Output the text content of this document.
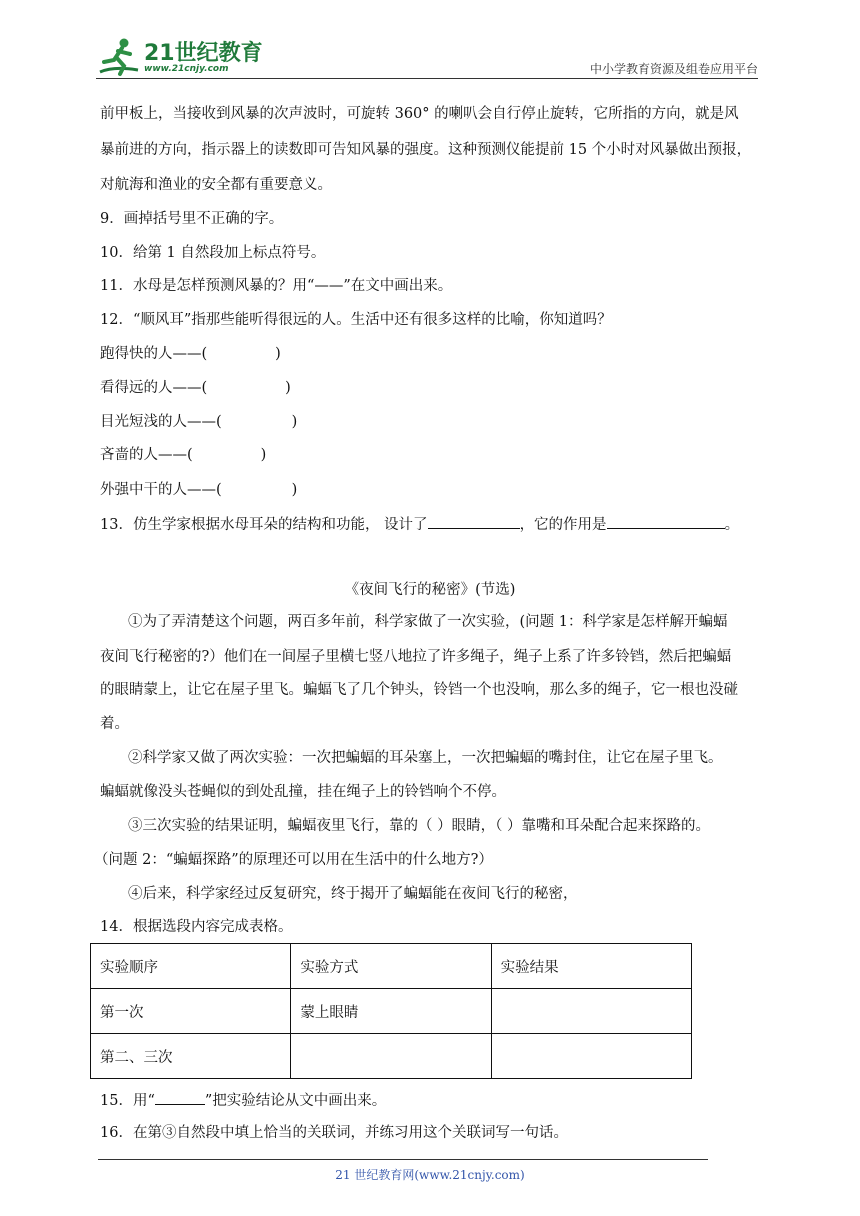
21世纪教育
www.21cnjy.com	中小学教育资源及组卷应用平台
前甲板上，当接收到风暴的次声波时，可旋转 360° 的喇叭会自行停止旋转，它所指的方向，就是风
暴前进的方向，指示器上的读数即可告知风暴的强度。这种预测仪能提前 15 个小时对风暴做出预报，
对航海和渔业的安全都有重要意义。
9．画掉括号里不正确的字。
10．给第 1 自然段加上标点符号。
11．水母是怎样预测风暴的？用“——”在文中画出来。
12．“顺风耳”指那些能听得很远的人。生活中还有很多这样的比喻，你知道吗？
跑得快的人——(	)
看得远的人——(	)
目光短浅的人——(	)
吝啬的人——(	)
外强中干的人——(	)
13．仿生学家根据水母耳朵的结构和功能， 设计了	，它的作用是	。
《夜间飞行的秘密》(节选)
①为了弄清楚这个问题，两百多年前，科学家做了一次实验，(问题 1：科学家是怎样解开蝙蝠
夜间飞行秘密的?）他们在一间屋子里横七竖八地拉了许多绳子，绳子上系了许多铃铛，然后把蝙蝠
的眼睛蒙上，让它在屋子里飞。蝙蝠飞了几个钟头，铃铛一个也没响，那么多的绳子，它一根也没碰
着。
②科学家又做了两次实验：一次把蝙蝠的耳朵塞上，一次把蝙蝠的嘴封住，让它在屋子里飞。
蝙蝠就像没头苍蝇似的到处乱撞，挂在绳子上的铃铛响个不停。
③三次实验的结果证明，蝙蝠夜里飞行，靠的（ ）眼睛，（ ）靠嘴和耳朵配合起来探路的。
（问题 2：“蝙蝠探路”的原理还可以用在生活中的什么地方?）
④后来，科学家经过反复研究，终于揭开了蝙蝠能在夜间飞行的秘密，
14．根据选段内容完成表格。
实验顺序	实验方式	实验结果
第一次	蒙上眼睛	
第二、三次		
15．用“	”把实验结论从文中画出来。
16．在第③自然段中填上恰当的关联词，并练习用这个关联词写一句话。
21 世纪教育网(www.21cnjy.com)
